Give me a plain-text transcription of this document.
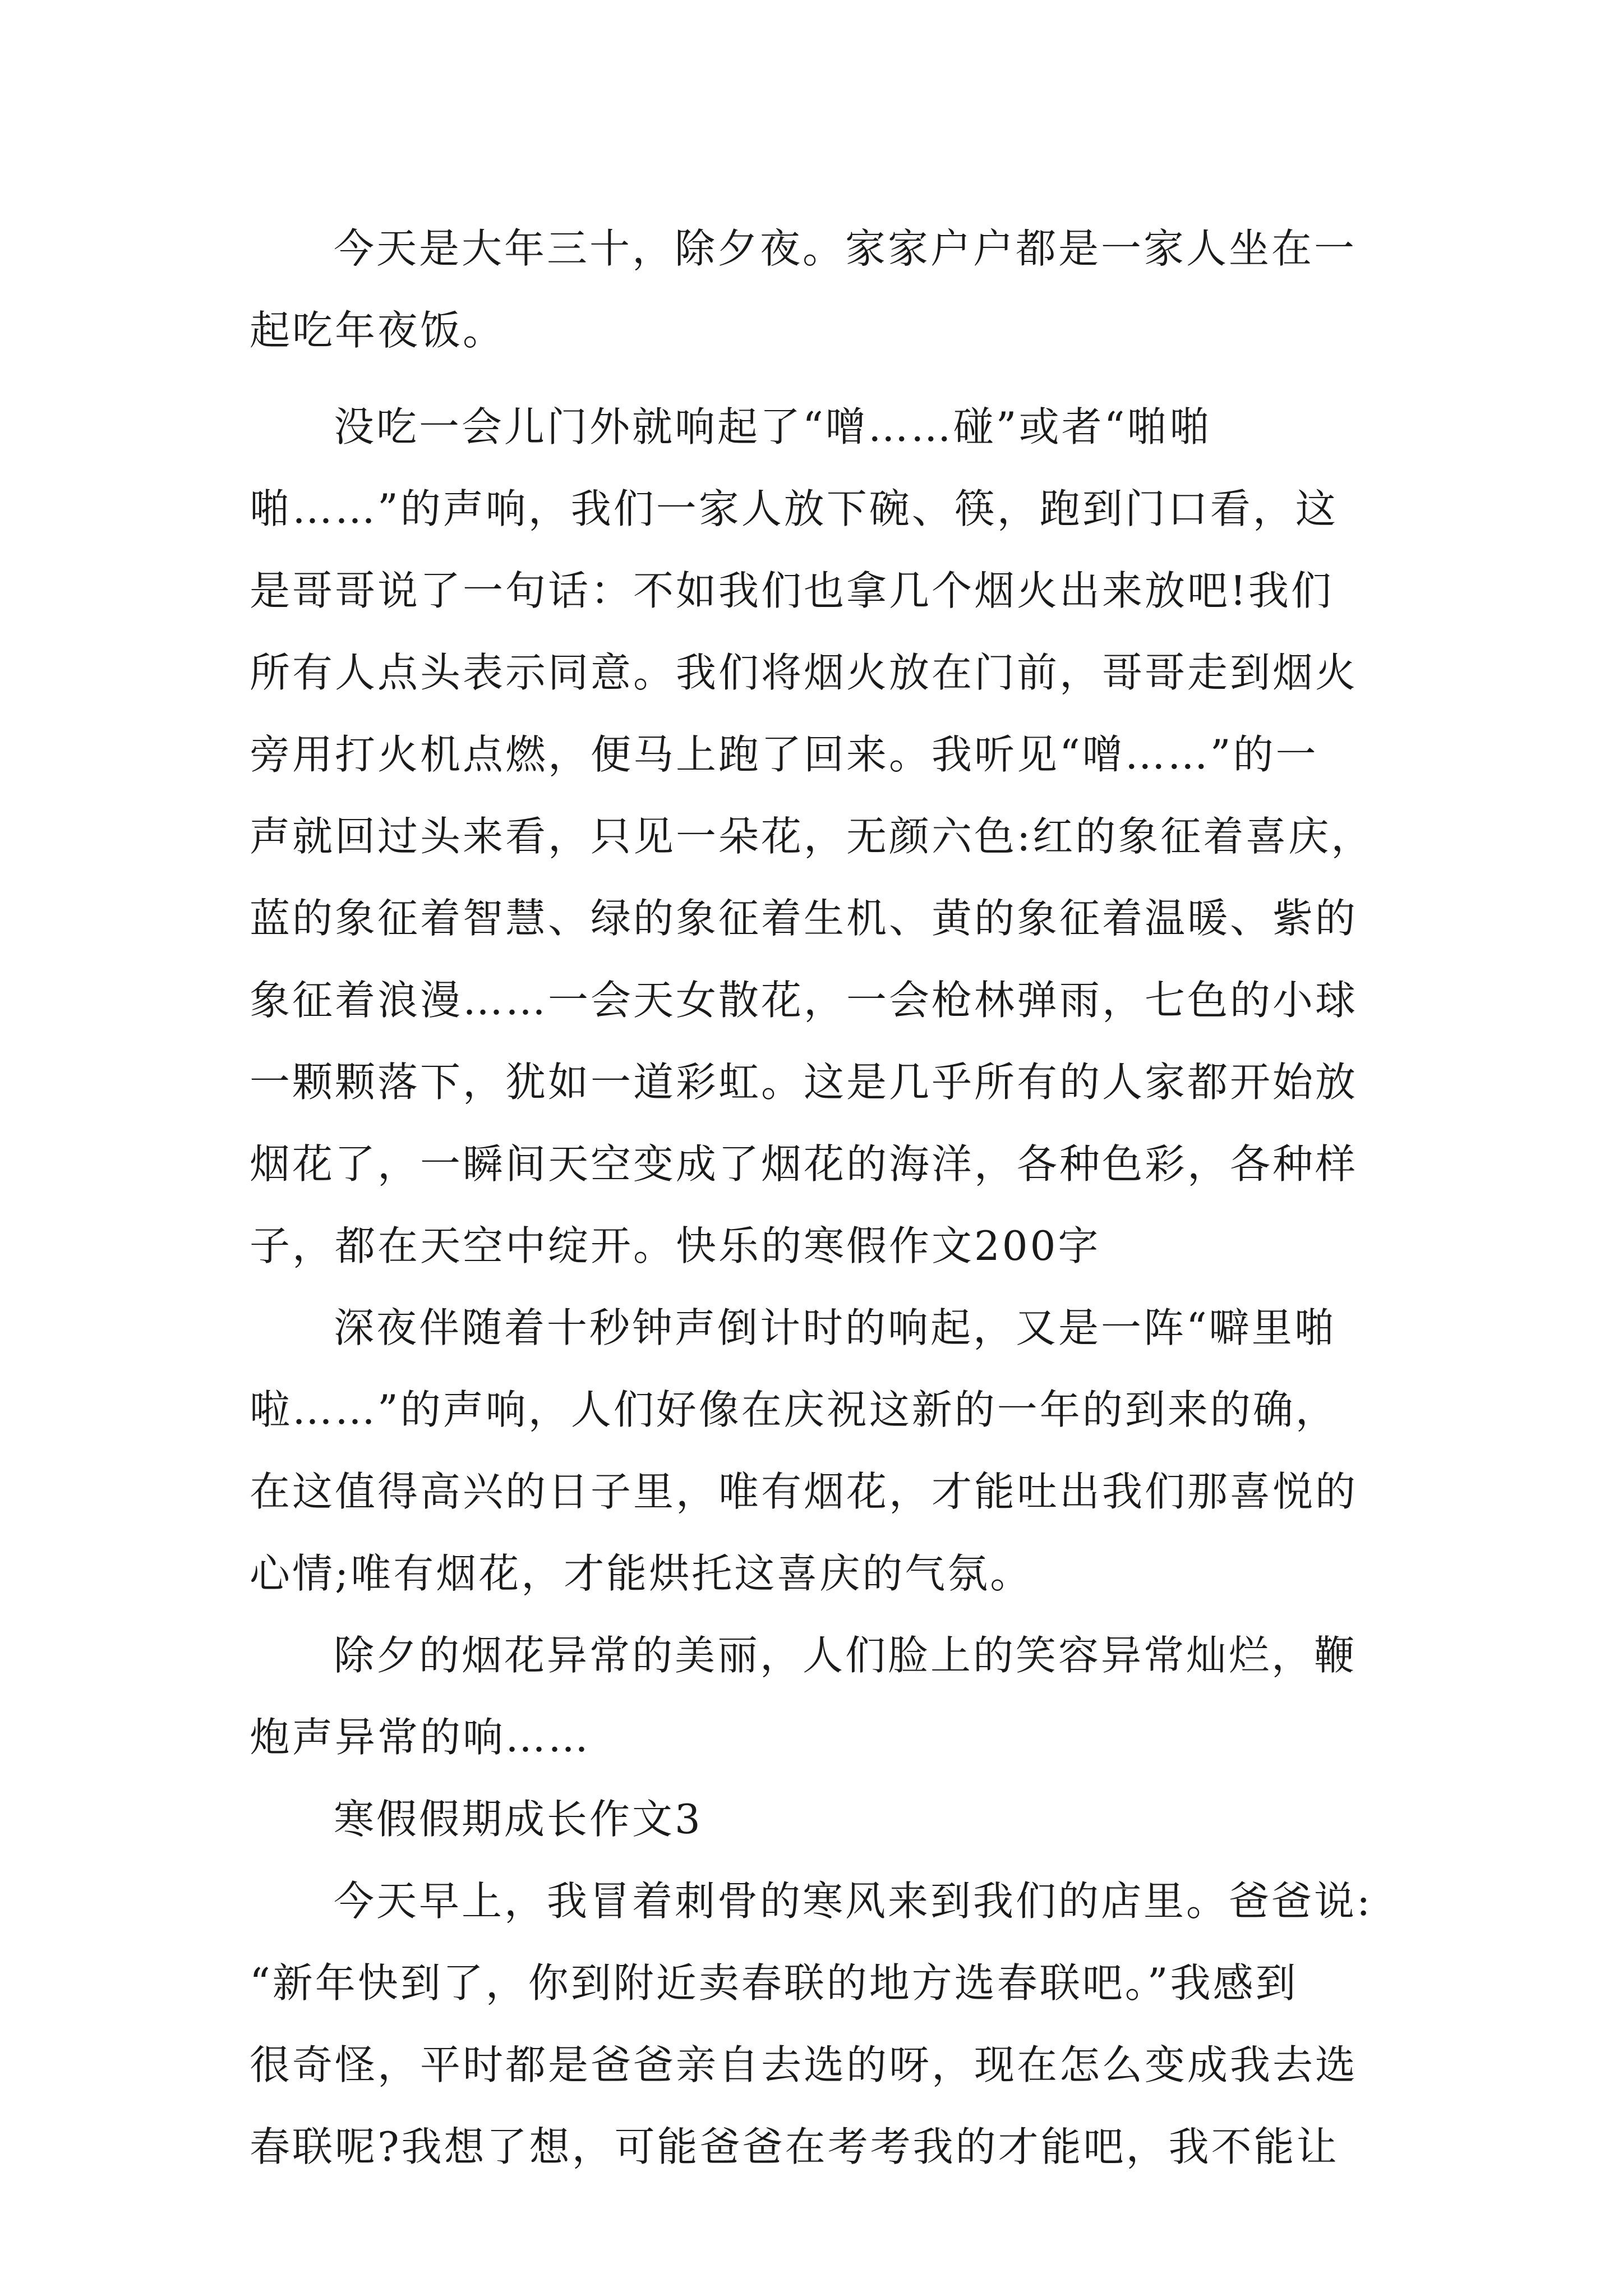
今天是大年三十，除夕夜。家家户户都是一家人坐在一
起吃年夜饭。
没吃一会儿门外就响起了“噌……碰”或者“啪啪
啪……”的声响，我们一家人放下碗、筷，跑到门口看，这
是哥哥说了一句话：不如我们也拿几个烟火出来放吧!我们
所有人点头表示同意。我们将烟火放在门前，哥哥走到烟火
旁用打火机点燃，便马上跑了回来。我听见“噌……”的一
声就回过头来看，只见一朵花，无颜六色:红的象征着喜庆，
蓝的象征着智慧、绿的象征着生机、黄的象征着温暖、紫的
象征着浪漫……一会天女散花，一会枪林弹雨，七色的小球
一颗颗落下，犹如一道彩虹。这是几乎所有的人家都开始放
烟花了，一瞬间天空变成了烟花的海洋，各种色彩，各种样
子，都在天空中绽开。快乐的寒假作文200字
深夜伴随着十秒钟声倒计时的响起，又是一阵“噼里啪
啦……”的声响，人们好像在庆祝这新的一年的到来的确，
在这值得高兴的日子里，唯有烟花，才能吐出我们那喜悦的
心情;唯有烟花，才能烘托这喜庆的气氛。
除夕的烟花异常的美丽，人们脸上的笑容异常灿烂，鞭
炮声异常的响……
寒假假期成长作文3
今天早上，我冒着刺骨的寒风来到我们的店里。爸爸说:
“新年快到了，你到附近卖春联的地方选春联吧。”我感到
很奇怪，平时都是爸爸亲自去选的呀，现在怎么变成我去选
春联呢?我想了想，可能爸爸在考考我的才能吧，我不能让
